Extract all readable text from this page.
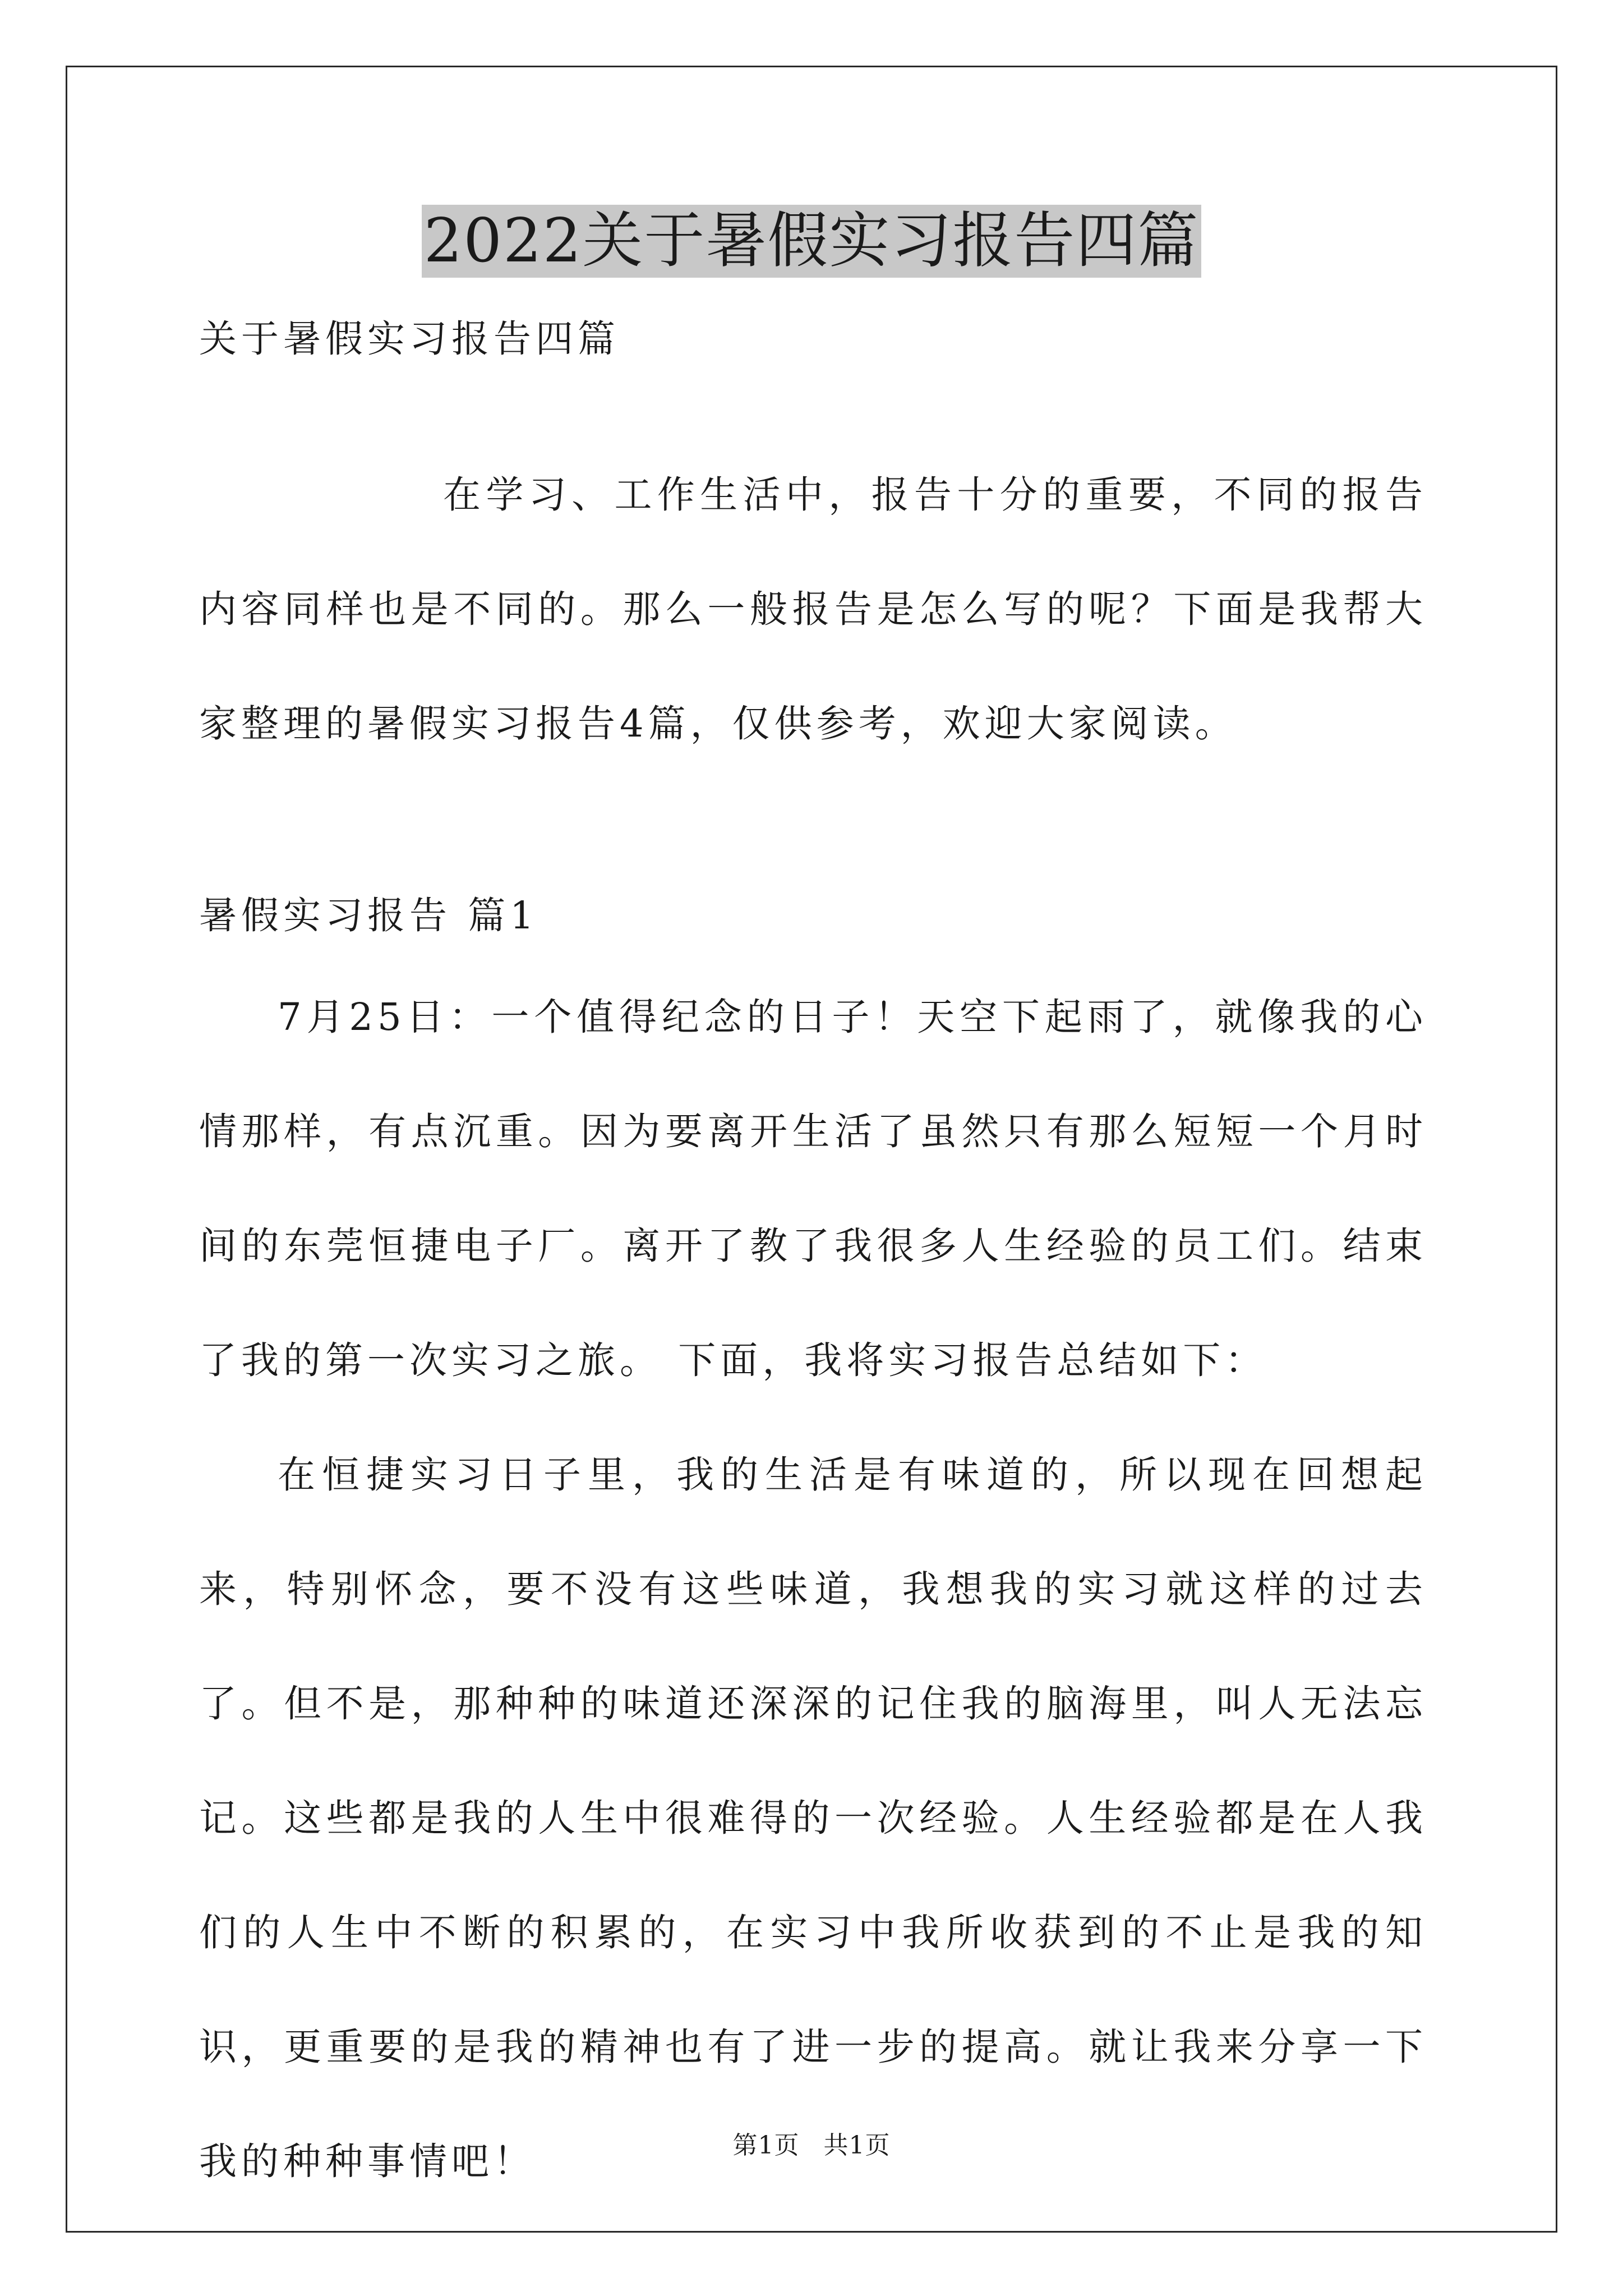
2022关于暑假实习报告四篇
关于暑假实习报告四篇

在学习、工作生活中，报告十分的重要，不同的报告内容同样也是不同的。那么一般报告是怎么写的呢？下面是我帮大家整理的暑假实习报告4篇，仅供参考，欢迎大家阅读。

暑假实习报告 篇1

7月25日：一个值得纪念的日子！天空下起雨了，就像我的心情那样，有点沉重。因为要离开生活了虽然只有那么短短一个月时间的东莞恒捷电子厂。离开了教了我很多人生经验的员工们。结束了我的第一次实习之旅。 下面，我将实习报告总结如下：

在恒捷实习日子里，我的生活是有味道的，所以现在回想起来，特别怀念，要不没有这些味道，我想我的实习就这样的过去了。但不是，那种种的味道还深深的记住我的脑海里，叫人无法忘记。这些都是我的人生中很难得的一次经验。人生经验都是在人我们的人生中不断的积累的，在实习中我所收获到的不止是我的知识，更重要的是我的精神也有了进一步的提高。就让我来分享一下我的种种事情吧！	第1页 共1页
